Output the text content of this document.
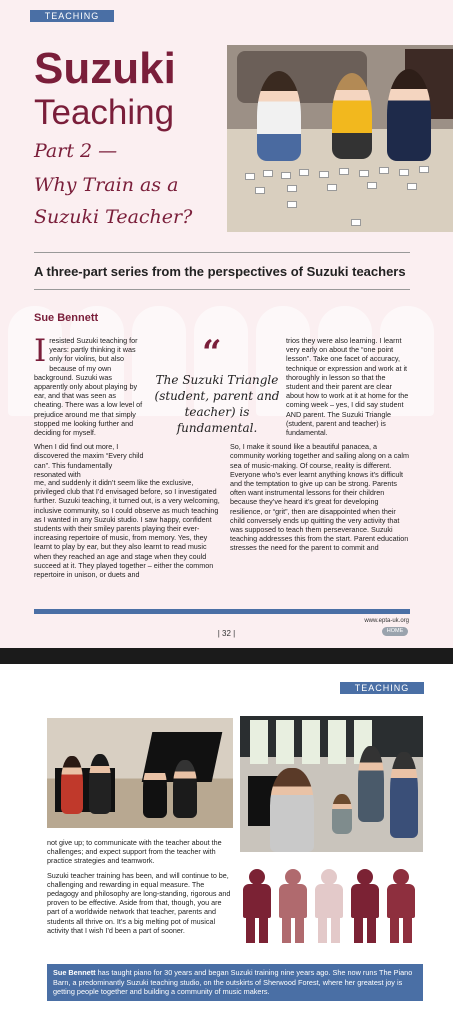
TEACHING
Suzuki
Teaching
Part 2 —
Why Train as a
Suzuki Teacher?
A three-part series from the perspectives of Suzuki teachers
Sue Bennett

Iresisted Suzuki teaching for years: partly thinking it was only for violins, but also because of my own background. Suzuki was apparently only about playing by ear, and that was seen as cheating. There was a low level of prejudice around me that simply stopped me looking further and deciding for myself.

When I did find out more, I discovered the maxim “Every child can”. This fundamentally resonated with

me, and suddenly it didn’t seem like the exclusive, privileged club that I’d envisaged before, so I investigated further. Suzuki teaching, it turned out, is a very welcoming, inclusive community, so I could observe as much teaching as I wanted in any Suzuki studio. I saw happy, confident students with their smiley parents playing their ever-increasing repertoire of music, from memory. Yes, they learnt to play by ear, but they also learnt to read music when they reached an age and stage when they could succeed at it. They played together – either the common repertoire in unison, or duets and

“
The Suzuki Triangle (student, parent and teacher) is fundamental.

trios they were also learning. I learnt very early on about the “one point lesson”. Take one facet of accuracy, technique or expression and work at it thoroughly in lesson so that the student and their parent are clear about how to work at it at home for the coming week – yes, I did say student AND parent. The Suzuki Triangle (student, parent and teacher) is fundamental.

So, I make it sound like a beautiful panacea, a community working together and sailing along on a calm sea of music-making. Of course, reality is different. Everyone who’s ever learnt anything knows it’s difficult and the temptation to give up can be strong. Parents often want instrumental lessons for their children because they’ve heard it’s great for developing resilience, or “grit”, then are disappointed when their child conversely ends up quitting the very activity that was supposed to teach them perseverance. Suzuki teaching addresses this from the start. Parent education stresses the need for the parent to commit and

www.epta-uk.org
| 32 |	HOME
TEACHING

not give up; to communicate with the teacher about the challenges; and expect support from the teacher with practice strategies and teamwork.

Suzuki teacher training has been, and will continue to be, challenging and rewarding in equal measure. The pedagogy and philosophy are long-standing, rigorous and proven to be effective. Aside from that, though, you are part of a worldwide network that teacher, parents and students all thrive on. It’s a big melting pot of musical activity that I wish I’d been a part of sooner.

Sue Bennett has taught piano for 30 years and began Suzuki training nine years ago. She now runs The Piano Barn, a predominantly Suzuki teaching studio, on the outskirts of Sherwood Forest, where her greatest joy is getting people together and building a community of music makers.
